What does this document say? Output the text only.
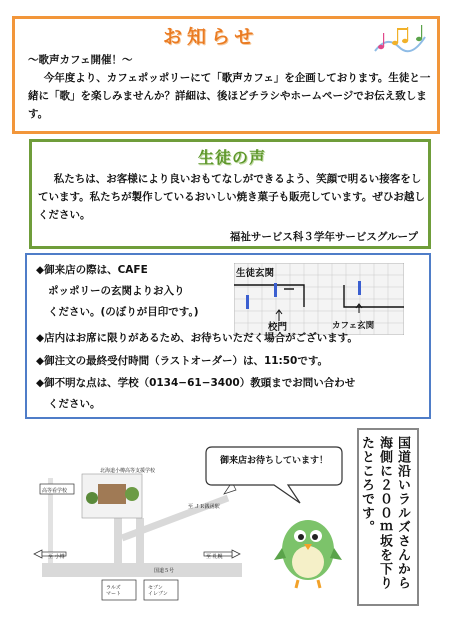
お知らせ
〜歌声カフェ開催！〜
今年度より、カフェポッポリーにて「歌声カフェ」を企画しております。生徒と一緒に「歌」を楽しみませんか？詳細は、後ほどチラシやホームページでお伝え致します。
生徒の声
私たちは、お客様により良いおもてなしができるよう、笑顔で明るい接客をしています。私たちが製作しているおいしい焼き菓子も販売しています。ぜひお越しください。
福祉サービス科３学年サービスグループ
◆御来店の際は、CAFE
ポッポリーの玄関よりお入り
ください。(のぼりが目印です。)
生徒玄関
校門	カフェ玄関
◆店内はお席に限りがあるため、お待ちいただく場合がございます。
◆御注文の最終受付時間（ラストオーダー）は、11:50です。
◆御不明な点は、学校（0134−61−3400）教頭までお問い合わせ
ください。
北海道小樽高等支援学校
高等看学校
至 ＪＲ銭函駅
至 小樽	至 札幌
国道５号
ラルズマート
セブンイレブン
御来店お待ちしています！	国道沿いラルズさんから海側に２００ｍ坂を下りたところです。
